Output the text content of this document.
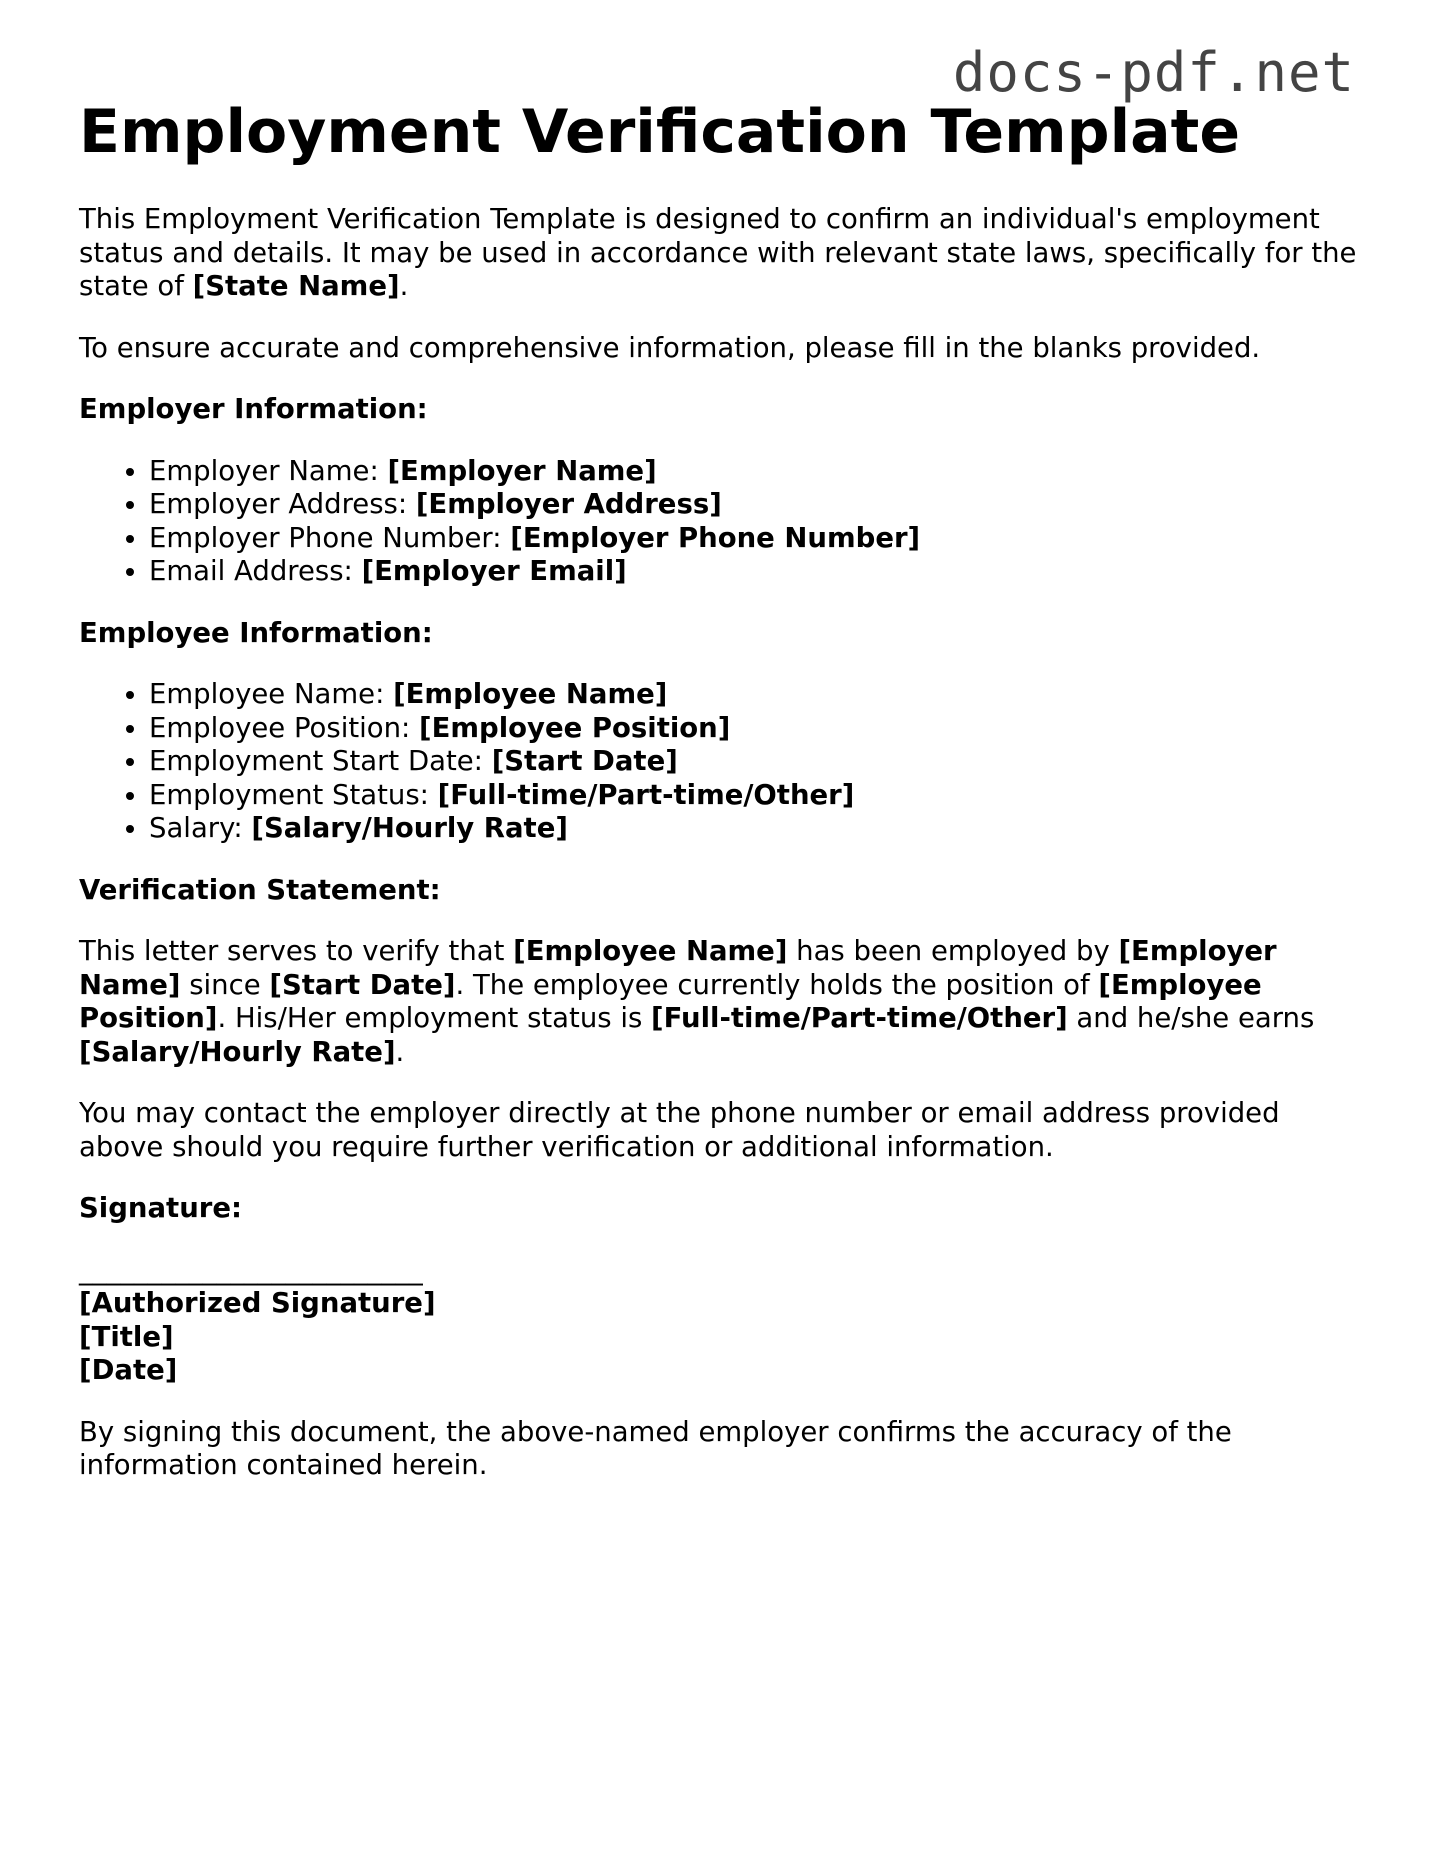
docs-pdf.net
Employment Verification Template

This Employment Verification Template is designed to confirm an individual's employment status and details. It may be used in accordance with relevant state laws, specifically for the state of [State Name].

To ensure accurate and comprehensive information, please fill in the blanks provided.

Employer Information:
• Employer Name: [Employer Name]
• Employer Address: [Employer Address]
• Employer Phone Number: [Employer Phone Number]
• Email Address: [Employer Email]
Employee Information:
• Employee Name: [Employee Name]
• Employee Position: [Employee Position]
• Employment Start Date: [Start Date]
• Employment Status: [Full-time/Part-time/Other]
• Salary: [Salary/Hourly Rate]
Verification Statement:

This letter serves to verify that [Employee Name] has been employed by [Employer Name] since [Start Date]. The employee currently holds the position of [Employee Position]. His/Her employment status is [Full-time/Part-time/Other] and he/she earns [Salary/Hourly Rate].

You may contact the employer directly at the phone number or email address provided above should you require further verification or additional information.

Signature:
_________________________
[Authorized Signature]
[Title]
[Date]

By signing this document, the above-named employer confirms the accuracy of the information contained herein.
